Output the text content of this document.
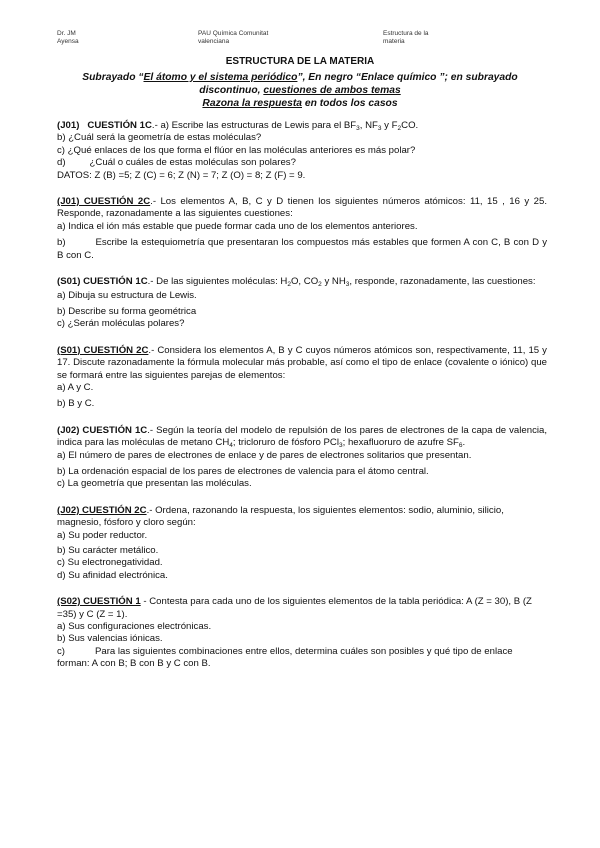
Dr. JM
Ayensa
PAU Química Comunitat
valenciana
Estructura de la
materia
ESTRUCTURA DE LA MATERIA
Subrayado “El átomo y el sistema periódico”, En negro “Enlace químico ”; en subrayado
discontinuo, cuestiones de ambos temas
Razona la respuesta en todos los casos

(J01) CUESTIÓN 1C.- a) Escribe las estructuras de Lewis para el $BF_3$, $NF_3$ y $F_2CO$.

b) ¿Cuál será la geometría de estas moléculas?

c) ¿Qué enlaces de los que forma el flúor en las moléculas anteriores es más polar?

d)	¿Cuál o cuáles de estas moléculas son polares?

DATOS: Z (B) =5; Z (C) = 6; Z (N) = 7; Z (O) = 8; Z (F) = 9.

(J01) CUESTIÓN 2C.- Los elementos A, B, C y D tienen los siguientes números atómicos: 11, 15 , 16 y 25. Responde, razonadamente a las siguientes cuestiones:

a) Indica el ión más estable que puede formar cada uno de los elementos anteriores.

b)	Escribe la estequiometría que presentaran los compuestos más estables que formen A con C, B con D y B con C.

(S01) CUESTIÓN 1C.- De las siguientes moléculas: $H_2O$, $CO_2$ y $NH_3$, responde, razonadamente, las cuestiones:

a) Dibuja su estructura de Lewis.

b) Describe su forma geométrica

c) ¿Serán moléculas polares?

(S01) CUESTIÓN 2C.- Considera los elementos A, B y C cuyos números atómicos son, respectivamente, 11, 15 y 17. Discute razonadamente la fórmula molecular más probable, así como el tipo de enlace (covalente o iónico) que se formará entre las siguientes parejas de elementos:

a) A y C.

b) B y C.

(J02) CUESTIÓN 1C.- Según la teoría del modelo de repulsión de los pares de electrones de la capa de valencia, indica para las moléculas de metano $CH_4$; tricloruro de fósforo PCl$_3$; hexafluoruro de azufre $SF_6$.

a) El número de pares de electrones de enlace y de pares de electrones solitarios que presentan.

b) La ordenación espacial de los pares de electrones de valencia para el átomo central.

c) La geometría que presentan las moléculas.

(J02) CUESTIÓN 2C.- Ordena, razonando la respuesta, los siguientes elementos: sodio, aluminio, silicio, magnesio, fósforo y cloro según:

a) Su poder reductor.

b) Su carácter metálico.

c) Su electronegatividad.

d) Su afinidad electrónica.

(S02) CUESTIÓN 1 - Contesta para cada uno de los siguientes elementos de la tabla periódica: A (Z = 30), B (Z =35) y C (Z = 1).

a) Sus configuraciones electrónicas.

b) Sus valencias iónicas.

c)	Para las siguientes combinaciones entre ellos, determina cuáles son posibles y qué tipo de enlace forman: A con B; B con B y C con B.
